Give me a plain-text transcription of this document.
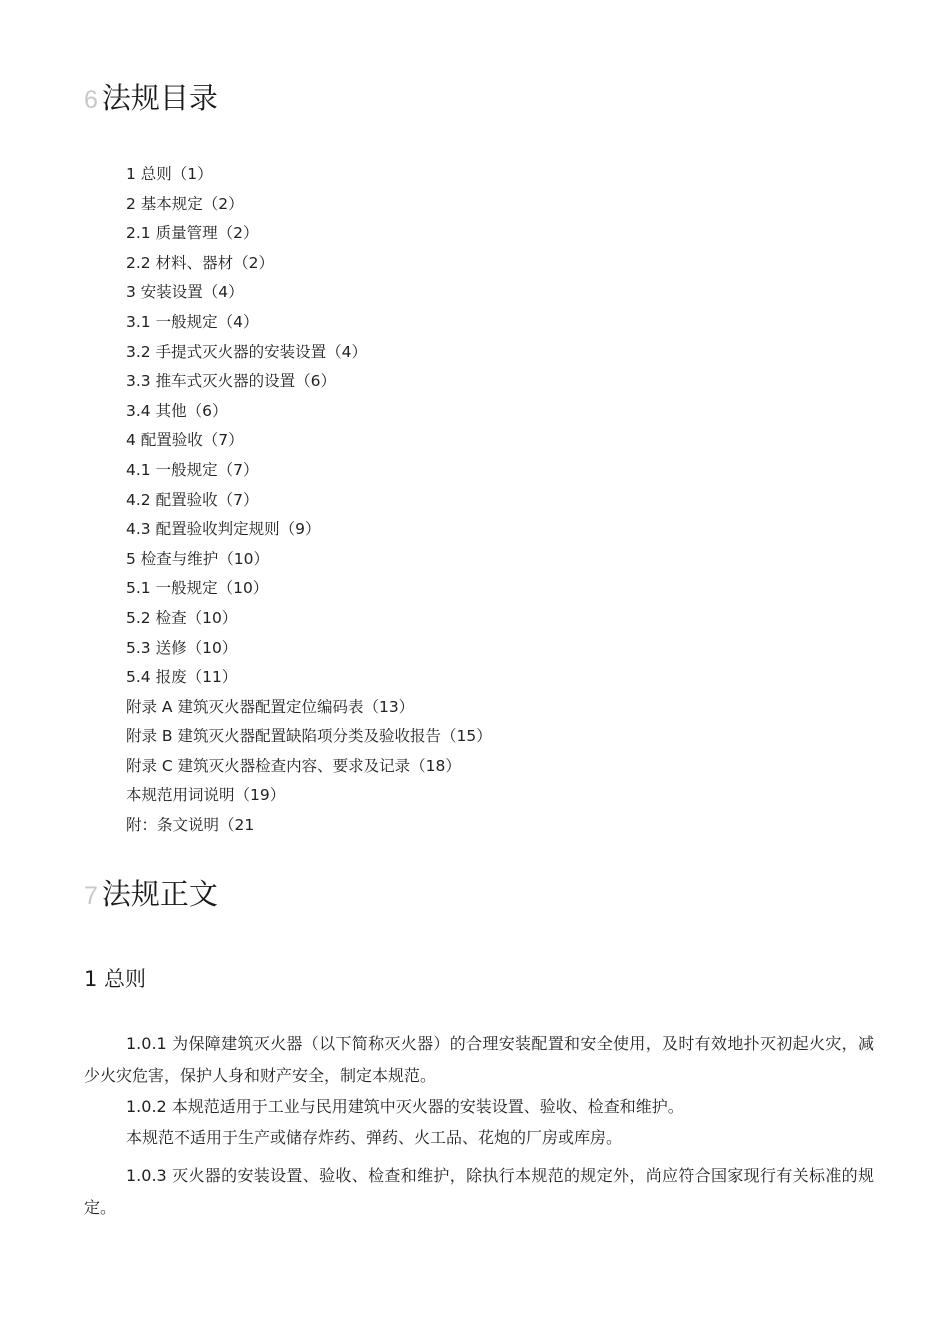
6 法规目录
1 总则（1）
2 基本规定（2）
2.1 质量管理（2）
2.2 材料、器材（2）
3 安装设置（4）
3.1 一般规定（4）
3.2 手提式灭火器的安装设置（4）
3.3 推车式灭火器的设置（6）
3.4 其他（6）
4 配置验收（7）
4.1 一般规定（7）
4.2 配置验收（7）
4.3 配置验收判定规则（9）
5 检查与维护（10）
5.1 一般规定（10）
5.2 检查（10）
5.3 送修（10）
5.4 报废（11）
附录 A 建筑灭火器配置定位编码表（13）
附录 B 建筑灭火器配置缺陷项分类及验收报告（15）
附录 C 建筑灭火器检查内容、要求及记录（18）
本规范用词说明（19）
附：条文说明（21
7 法规正文
1 总则

1.0.1 为保障建筑灭火器（以下简称灭火器）的合理安装配置和安全使用，及时有效地扑灭初起火灾，减少火灾危害，保护人身和财产安全，制定本规范。

1.0.2 本规范适用于工业与民用建筑中灭火器的安装设置、验收、检查和维护。

本规范不适用于生产或储存炸药、弹药、火工品、花炮的厂房或库房。

1.0.3 灭火器的安装设置、验收、检查和维护，除执行本规范的规定外，尚应符合国家现行有关标准的规定。
